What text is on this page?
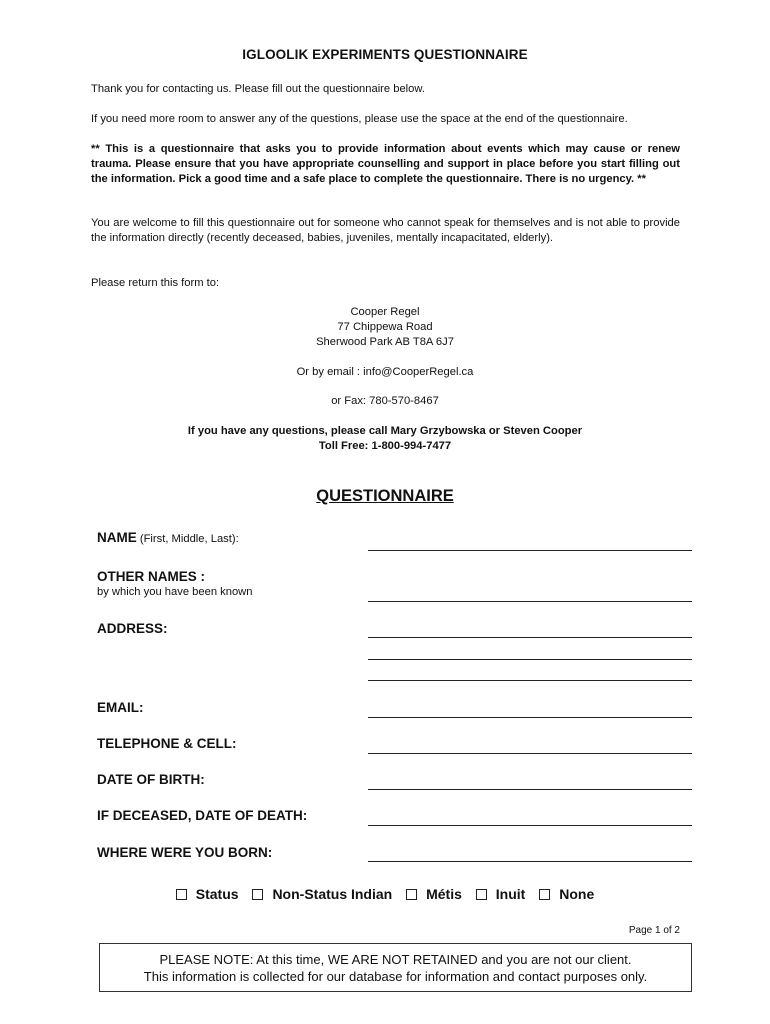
IGLOOLIK EXPERIMENTS QUESTIONNAIRE
Thank you for contacting us. Please fill out the questionnaire below.
If you need more room to answer any of the questions, please use the space at the end of the questionnaire.
** This is a questionnaire that asks you to provide information about events which may cause or renew trauma. Please ensure that you have appropriate counselling and support in place before you start filling out the information. Pick a good time and a safe place to complete the questionnaire. There is no urgency. **
You are welcome to fill this questionnaire out for someone who cannot speak for themselves and is not able to provide the information directly (recently deceased, babies, juveniles, mentally incapacitated, elderly).
Please return this form to:
Cooper Regel
77 Chippewa Road
Sherwood Park AB T8A 6J7
Or by email : info@CooperRegel.ca
or Fax: 780-570-8467
If you have any questions, please call Mary Grzybowska or Steven Cooper
Toll Free: 1-800-994-7477
QUESTIONNAIRE
NAME (First, Middle, Last):
OTHER NAMES :
by which you have been known
ADDRESS:
EMAIL:
TELEPHONE & CELL:
DATE OF BIRTH:
IF DECEASED, DATE OF DEATH:
WHERE WERE YOU BORN:
Status
Non-Status Indian
Métis
Inuit
None
Page 1 of 2
PLEASE NOTE: At this time, WE ARE NOT RETAINED and you are not our client.
This information is collected for our database for information and contact purposes only.
